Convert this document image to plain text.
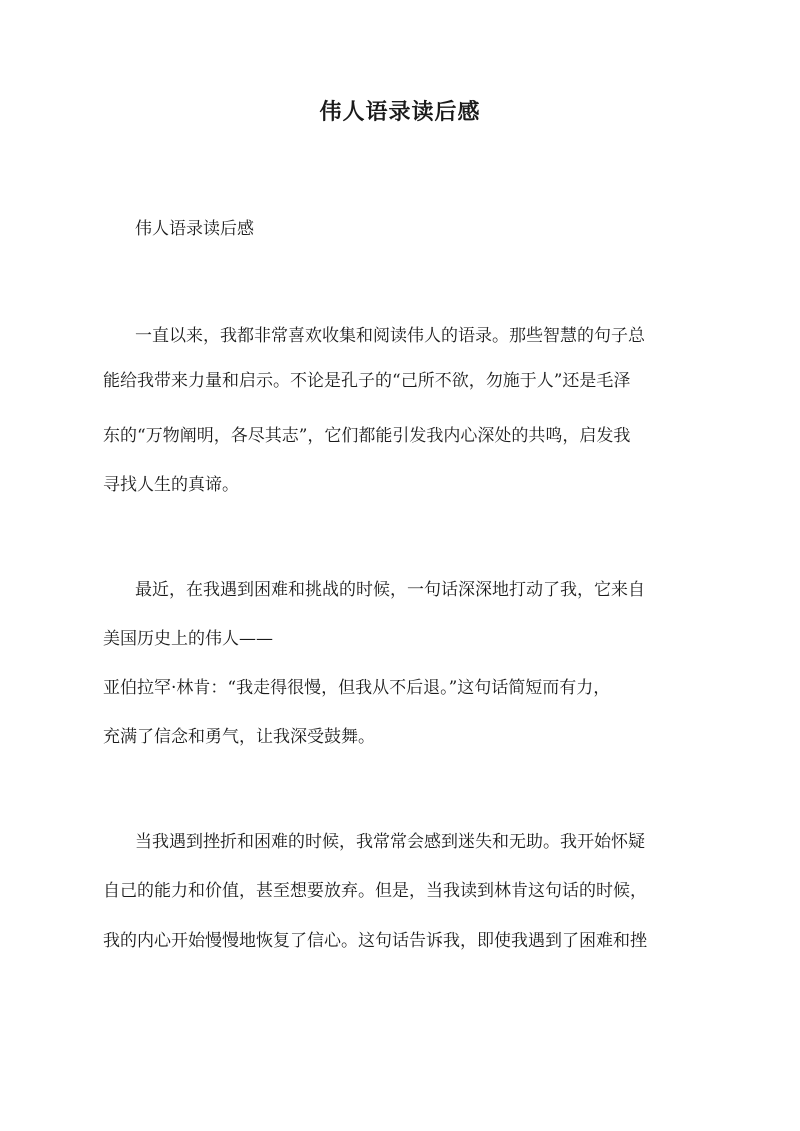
伟人语录读后感

伟人语录读后感

一直以来，我都非常喜欢收集和阅读伟人的语录。那些智慧的句子总

能给我带来力量和启示。不论是孔子的“己所不欲，勿施于人”还是毛泽

东的“万物阐明，各尽其志”，它们都能引发我内心深处的共鸣，启发我

寻找人生的真谛。

最近，在我遇到困难和挑战的时候，一句话深深地打动了我，它来自

美国历史上的伟人——

亚伯拉罕·林肯：“我走得很慢，但我从不后退。”这句话简短而有力，

充满了信念和勇气，让我深受鼓舞。

当我遇到挫折和困难的时候，我常常会感到迷失和无助。我开始怀疑

自己的能力和价值，甚至想要放弃。但是，当我读到林肯这句话的时候，

我的内心开始慢慢地恢复了信心。这句话告诉我，即使我遇到了困难和挫
